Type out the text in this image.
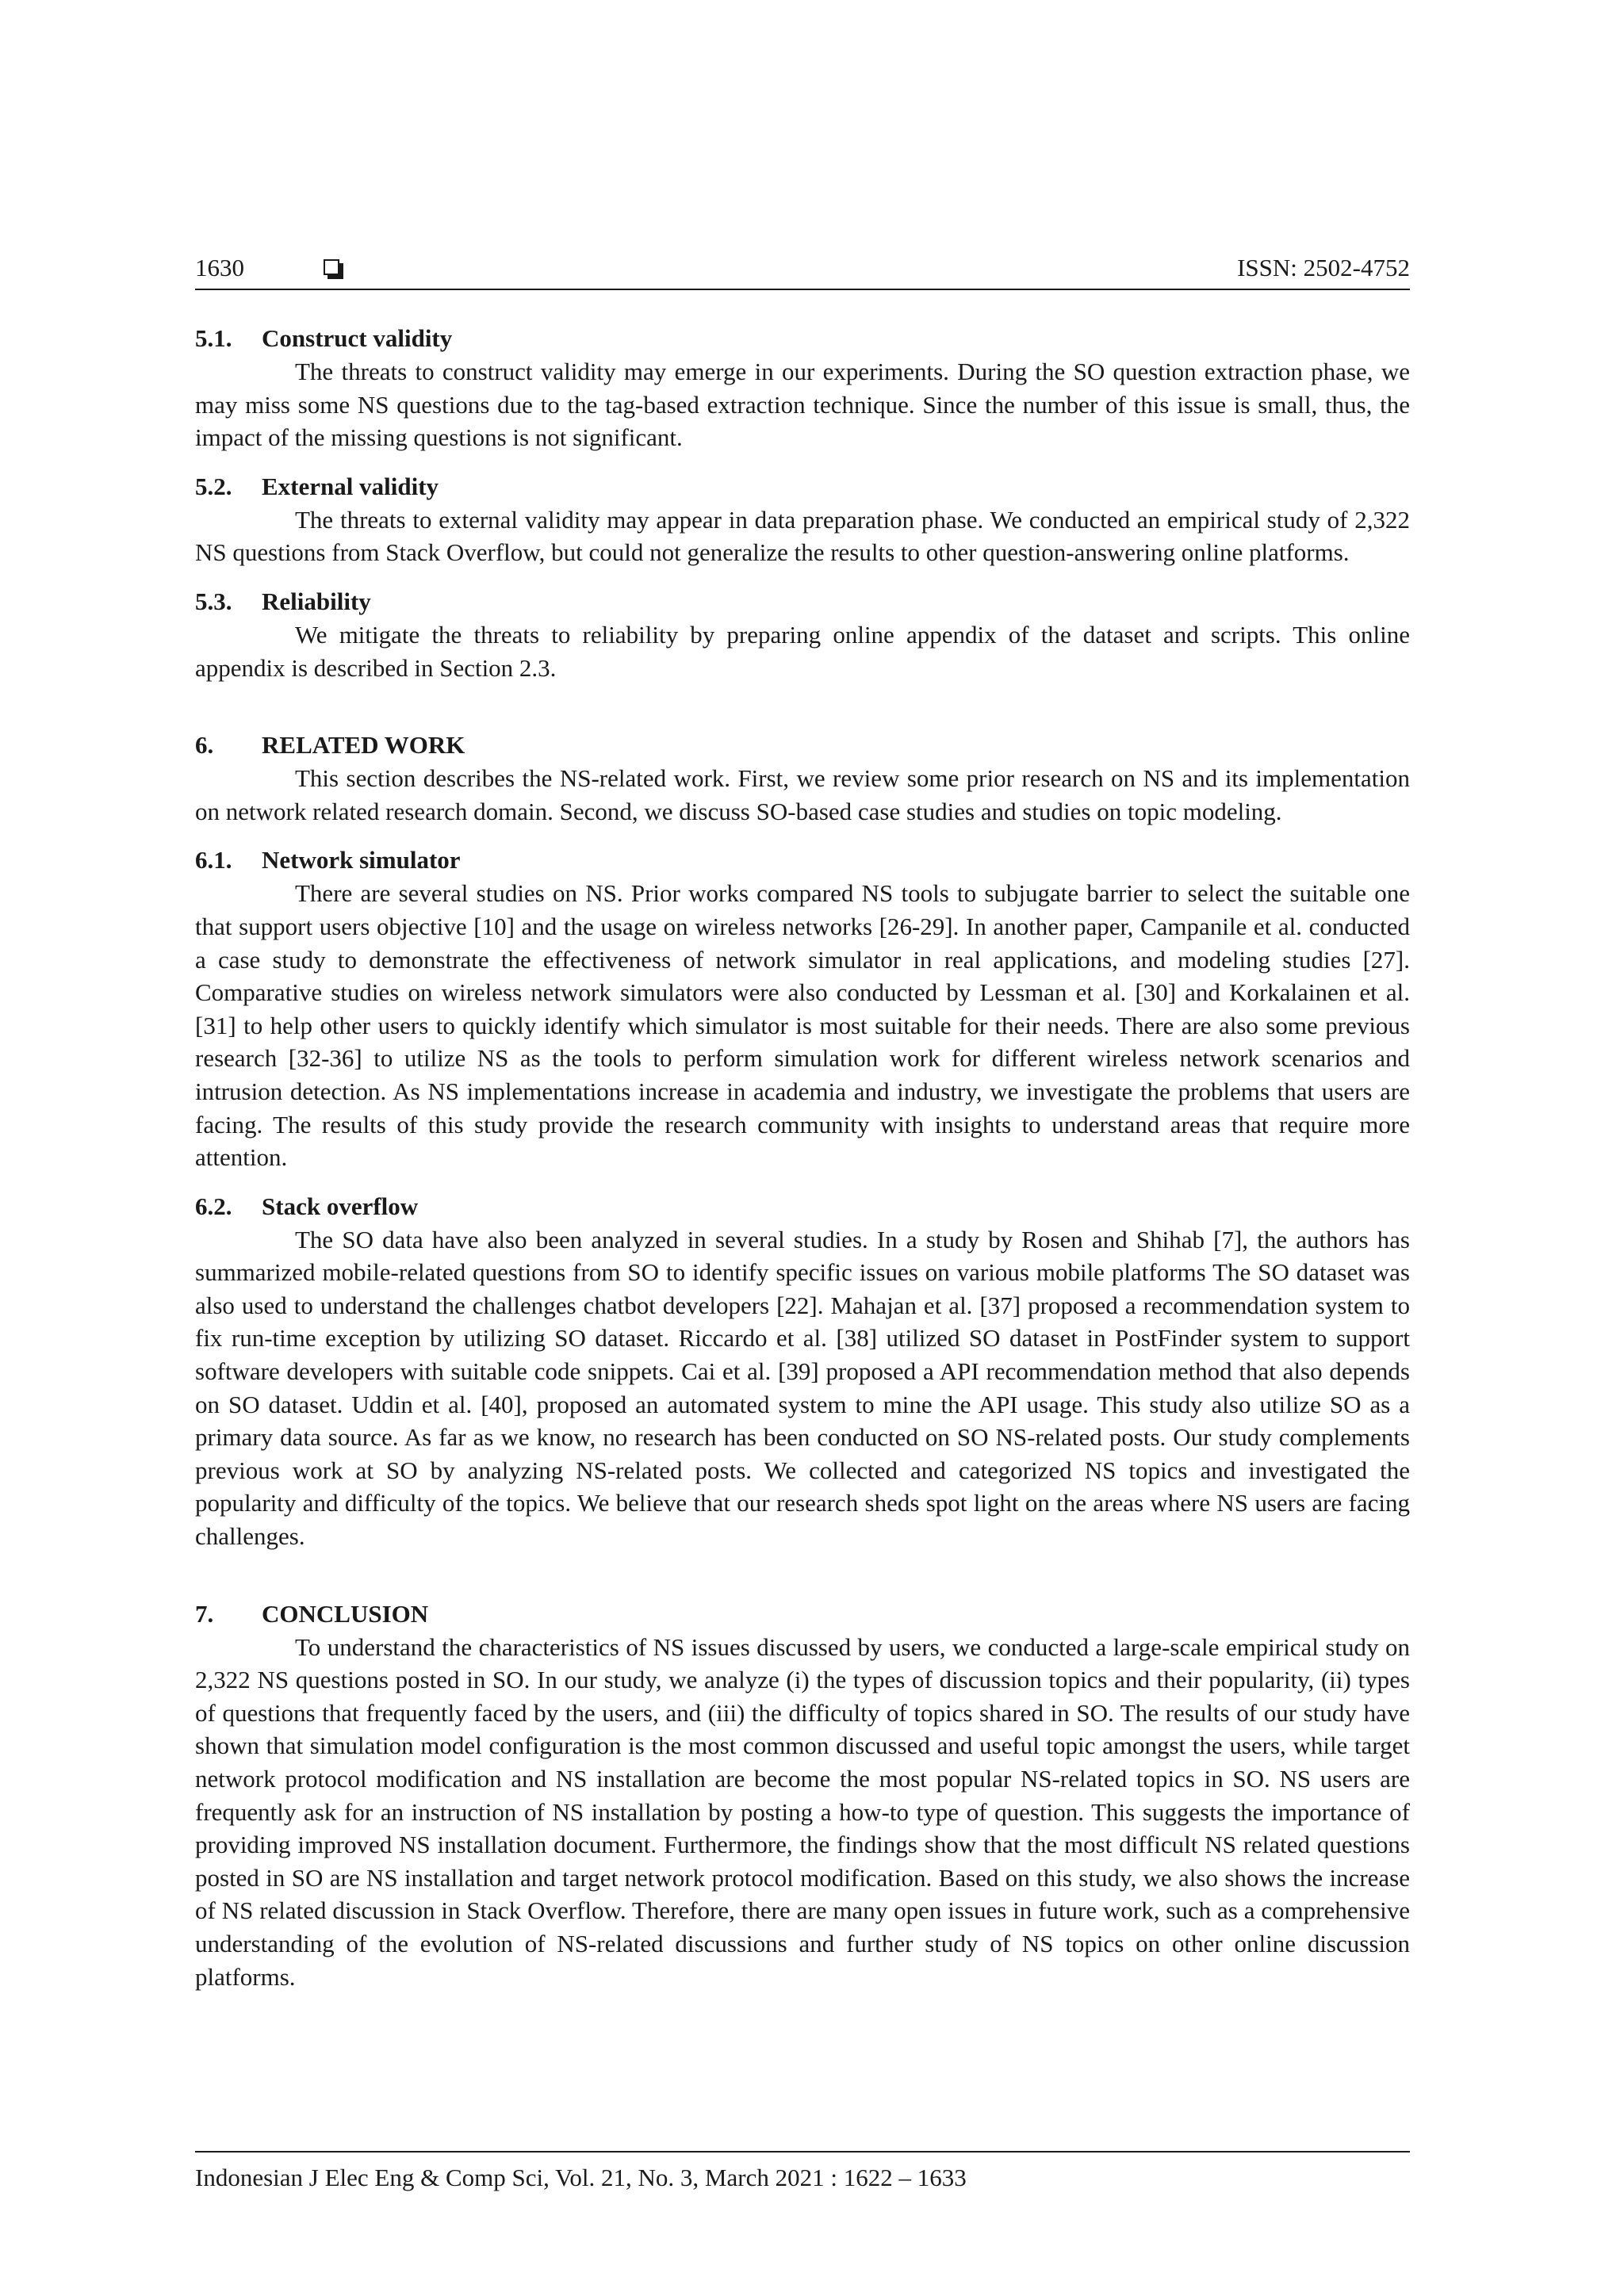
1630	ISSN: 2502-4752
5.1. Construct validity

The threats to construct validity may emerge in our experiments. During the SO question extraction phase, we may miss some NS questions due to the tag-based extraction technique. Since the number of this issue is small, thus, the impact of the missing questions is not significant.

5.2. External validity

The threats to external validity may appear in data preparation phase. We conducted an empirical study of 2,322 NS questions from Stack Overflow, but could not generalize the results to other question-answering online platforms.

5.3. Reliability

We mitigate the threats to reliability by preparing online appendix of the dataset and scripts. This online appendix is described in Section 2.3.

6. RELATED WORK

This section describes the NS-related work. First, we review some prior research on NS and its implementation on network related research domain. Second, we discuss SO-based case studies and studies on topic modeling.

6.1. Network simulator

There are several studies on NS. Prior works compared NS tools to subjugate barrier to select the suitable one that support users objective [10] and the usage on wireless networks [26-29]. In another paper, Campanile et al. conducted a case study to demonstrate the effectiveness of network simulator in real applications, and modeling studies [27]. Comparative studies on wireless network simulators were also conducted by Lessman et al. [30] and Korkalainen et al. [31] to help other users to quickly identify which simulator is most suitable for their needs. There are also some previous research [32-36] to utilize NS as the tools to perform simulation work for different wireless network scenarios and intrusion detection. As NS implementations increase in academia and industry, we investigate the problems that users are facing. The results of this study provide the research community with insights to understand areas that require more attention.

6.2. Stack overflow

The SO data have also been analyzed in several studies. In a study by Rosen and Shihab [7], the authors has summarized mobile-related questions from SO to identify specific issues on various mobile platforms The SO dataset was also used to understand the challenges chatbot developers [22]. Mahajan et al. [37] proposed a recommendation system to fix run-time exception by utilizing SO dataset. Riccardo et al. [38] utilized SO dataset in PostFinder system to support software developers with suitable code snippets. Cai et al. [39] proposed a API recommendation method that also depends on SO dataset. Uddin et al. [40], proposed an automated system to mine the API usage. This study also utilize SO as a primary data source. As far as we know, no research has been conducted on SO NS-related posts. Our study complements previous work at SO by analyzing NS-related posts. We collected and categorized NS topics and investigated the popularity and difficulty of the topics. We believe that our research sheds spot light on the areas where NS users are facing challenges.

7. CONCLUSION

To understand the characteristics of NS issues discussed by users, we conducted a large-scale empirical study on 2,322 NS questions posted in SO. In our study, we analyze (i) the types of discussion topics and their popularity, (ii) types of questions that frequently faced by the users, and (iii) the difficulty of topics shared in SO. The results of our study have shown that simulation model configuration is the most common discussed and useful topic amongst the users, while target network protocol modification and NS installation are become the most popular NS-related topics in SO. NS users are frequently ask for an instruction of NS installation by posting a how-to type of question. This suggests the importance of providing improved NS installation document. Furthermore, the findings show that the most difficult NS related questions posted in SO are NS installation and target network protocol modification. Based on this study, we also shows the increase of NS related discussion in Stack Overflow. Therefore, there are many open issues in future work, such as a comprehensive understanding of the evolution of NS-related discussions and further study of NS topics on other online discussion platforms.

Indonesian J Elec Eng & Comp Sci, Vol. 21, No. 3, March 2021 : 1622 – 1633
